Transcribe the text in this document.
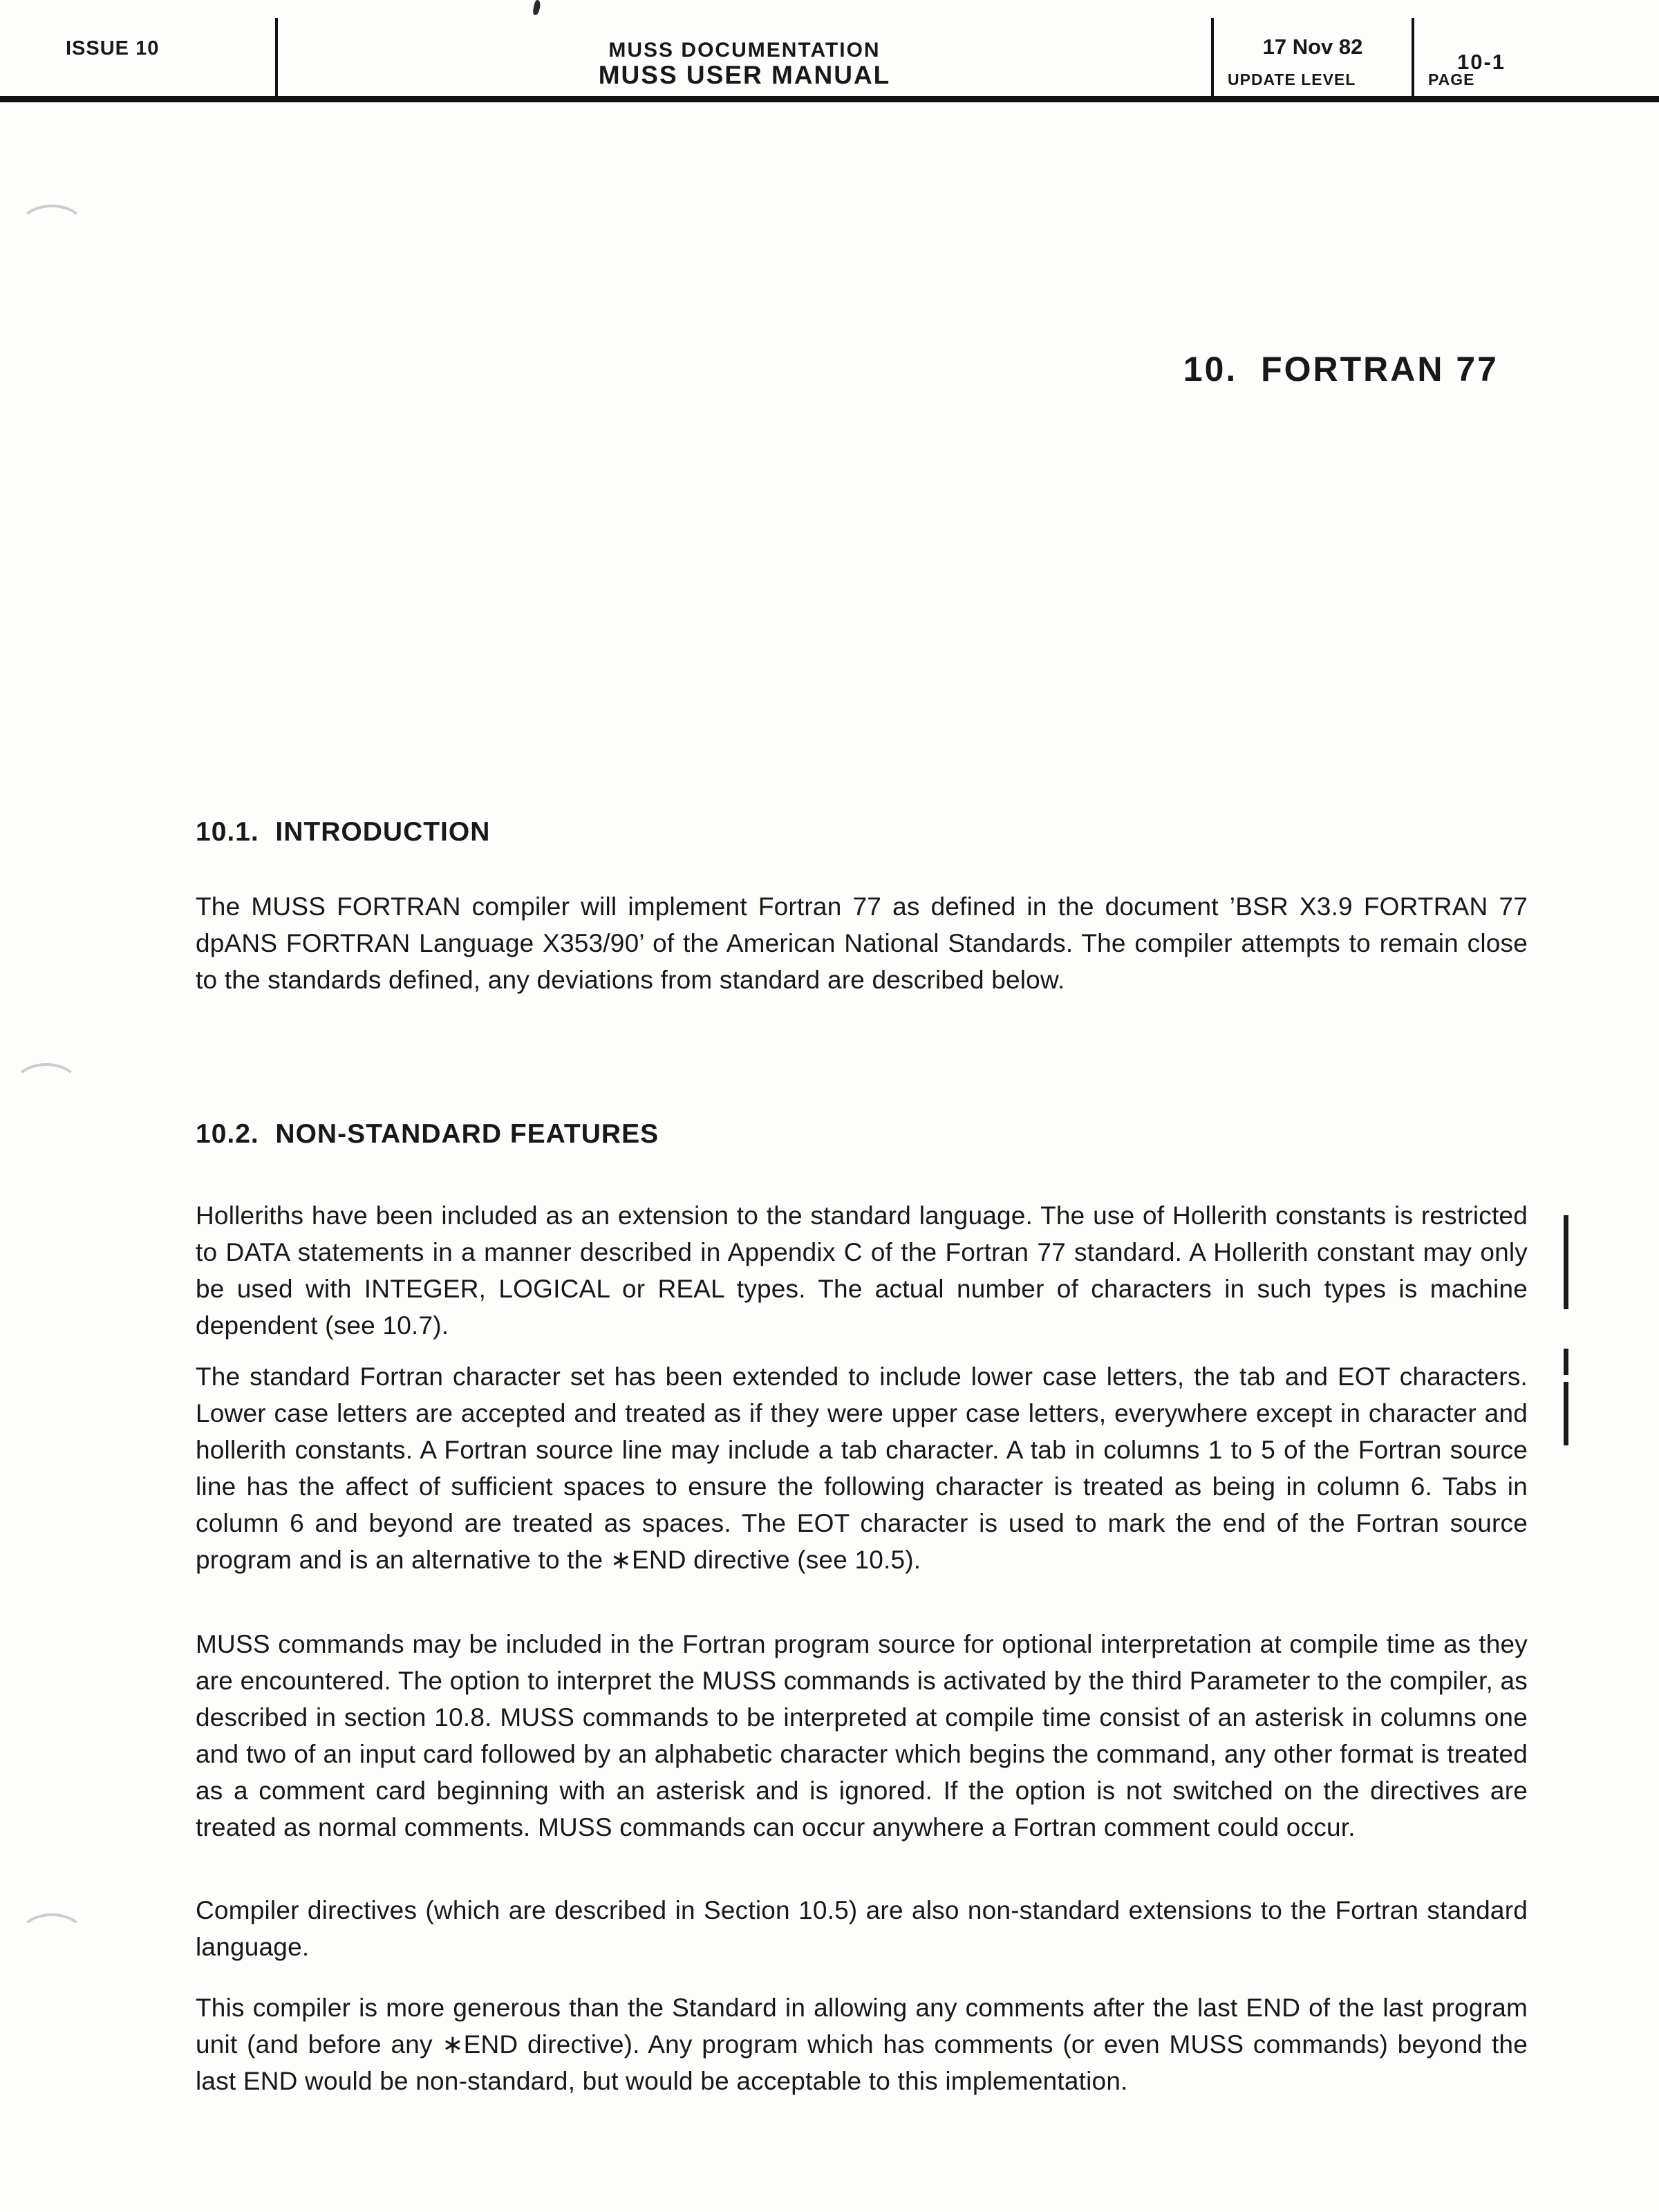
ISSUE 10	MUSS DOCUMENTATION
MUSS USER MANUAL
17 Nov 82
UPDATE LEVEL
10-1
PAGE
10.  FORTRAN 77
10.1.  INTRODUCTION

The MUSS FORTRAN compiler will implement Fortran 77 as defined in the document ’BSR X3.9 FORTRAN 77 dpANS FORTRAN Language X353/90’ of the American National Standards. The compiler attempts to remain close to the standards defined, any deviations from standard are described below.

10.2.  NON-STANDARD FEATURES

Holleriths have been included as an extension to the standard language. The use of Hollerith constants is restricted to DATA statements in a manner described in Appendix C of the Fortran 77 standard. A Hollerith constant may only be used with INTEGER, LOGICAL or REAL types. The actual number of characters in such types is machine dependent (see 10.7).

The standard Fortran character set has been extended to include lower case letters, the tab and EOT characters. Lower case letters are accepted and treated as if they were upper case letters, everywhere except in character and hollerith constants. A Fortran source line may include a tab character. A tab in columns 1 to 5 of the Fortran source line has the affect of sufficient spaces to ensure the following character is treated as being in column 6. Tabs in column 6 and beyond are treated as spaces. The EOT character is used to mark the end of the Fortran source program and is an alternative to the ∗END directive (see 10.5).

MUSS commands may be included in the Fortran program source for optional interpretation at compile time as they are encountered. The option to interpret the MUSS commands is activated by the third Parameter to the compiler, as described in section 10.8. MUSS commands to be interpreted at compile time consist of an asterisk in columns one and two of an input card followed by an alphabetic character which begins the command, any other format is treated as a comment card beginning with an asterisk and is ignored. If the option is not switched on the directives are treated as normal comments. MUSS commands can occur anywhere a Fortran comment could occur.

Compiler directives (which are described in Section 10.5) are also non-standard extensions to the Fortran standard language.

This compiler is more generous than the Standard in allowing any comments after the last END of the last program unit (and before any ∗END directive). Any program which has comments (or even MUSS commands) beyond the last END would be non-standard, but would be acceptable to this implementation.
